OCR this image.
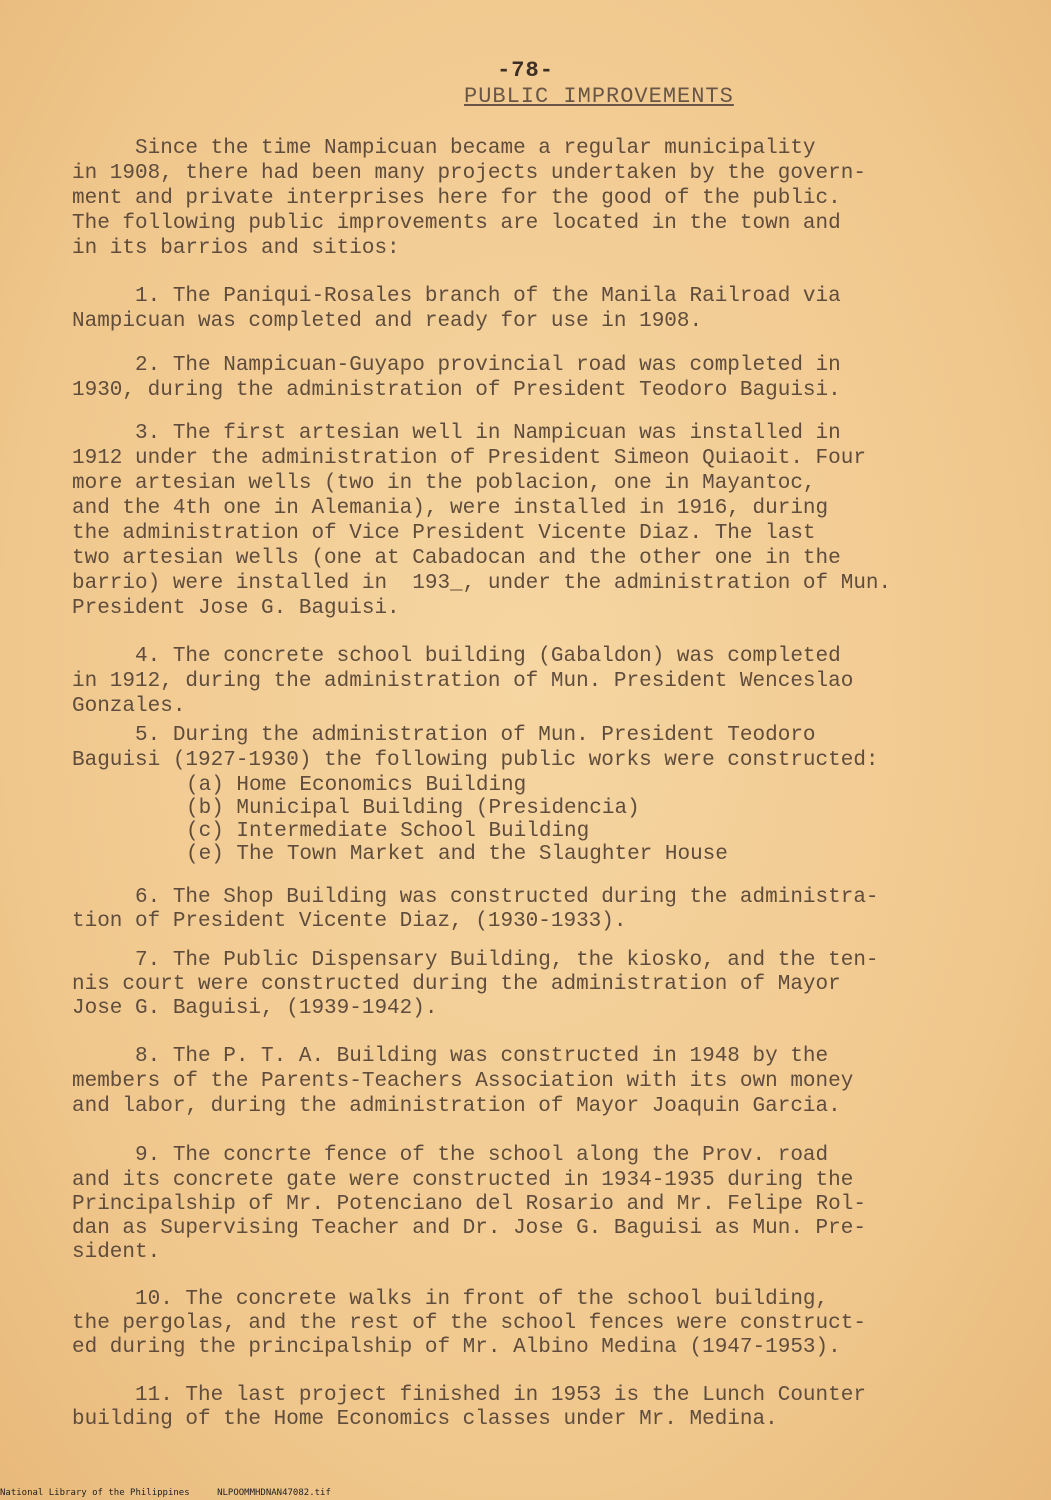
-78-
PUBLIC IMPROVEMENTS

Since the time Nampicuan became a regular municipality

in 1908, there had been many projects undertaken by the govern-

ment and private interprises here for the good of the public.

The following public improvements are located in the town and

in its barrios and sitios:

1. The Paniqui-Rosales branch of the Manila Railroad via

Nampicuan was completed and ready for use in 1908.

2. The Nampicuan-Guyapo provincial road was completed in

1930, during the administration of President Teodoro Baguisi.

3. The first artesian well in Nampicuan was installed in

1912 under the administration of President Simeon Quiaoit. Four

more artesian wells (two in the poblacion, one in Mayantoc,

and the 4th one in Alemania), were installed in 1916, during

the administration of Vice President Vicente Diaz. The last

two artesian wells (one at Cabadocan and the other one in the

barrio) were installed in  193_, under the administration of Mun.

President Jose G. Baguisi.

4. The concrete school building (Gabaldon) was completed

in 1912, during the administration of Mun. President Wenceslao

Gonzales.

5. During the administration of Mun. President Teodoro

Baguisi (1927-1930) the following public works were constructed:

(a) Home Economics Building

(b) Municipal Building (Presidencia)

(c) Intermediate School Building

(e) The Town Market and the Slaughter House

6. The Shop Building was constructed during the administra-

tion of President Vicente Diaz, (1930-1933).

7. The Public Dispensary Building, the kiosko, and the ten-

nis court were constructed during the administration of Mayor

Jose G. Baguisi, (1939-1942).

8. The P. T. A. Building was constructed in 1948 by the

members of the Parents-Teachers Association with its own money

and labor, during the administration of Mayor Joaquin Garcia.

9. The concrte fence of the school along the Prov. road

and its concrete gate were constructed in 1934-1935 during the

Principalship of Mr. Potenciano del Rosario and Mr. Felipe Rol-

dan as Supervising Teacher and Dr. Jose G. Baguisi as Mun. Pre-

sident.

10. The concrete walks in front of the school building,

the pergolas, and the rest of the school fences were construct-

ed during the principalship of Mr. Albino Medina (1947-1953).

11. The last project finished in 1953 is the Lunch Counter

building of the Home Economics classes under Mr. Medina.

National Library of the Philippines	NLPOOMMHDNAN47082.tif
